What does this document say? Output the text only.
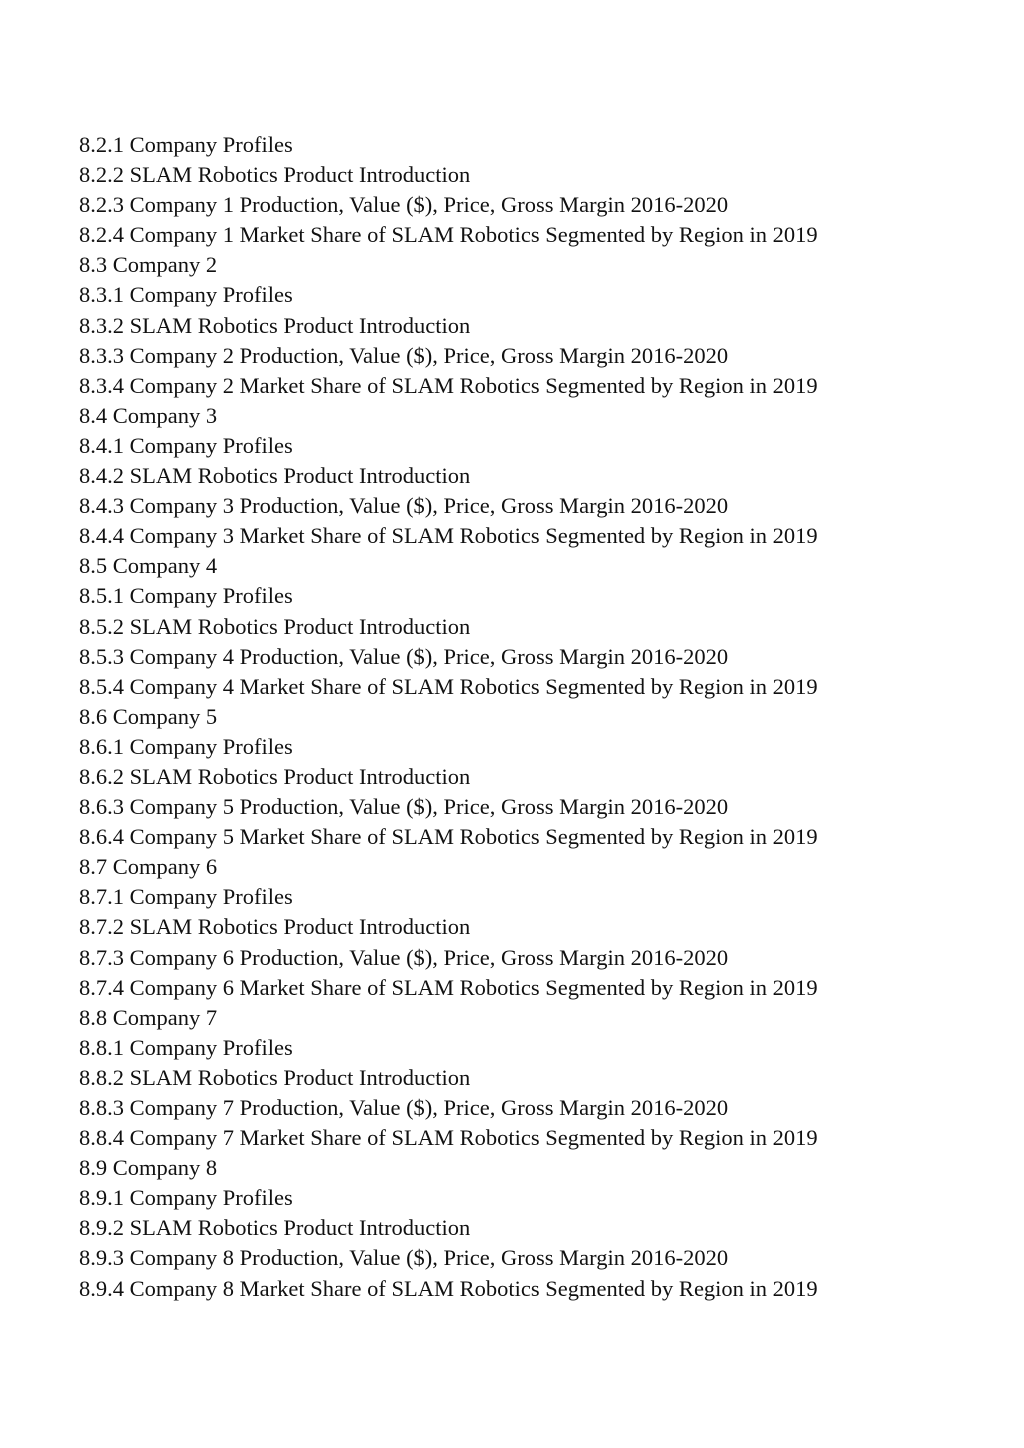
8.2.1 Company Profiles
8.2.2 SLAM Robotics Product Introduction
8.2.3 Company 1 Production, Value ($), Price, Gross Margin 2016-2020
8.2.4 Company 1 Market Share of SLAM Robotics Segmented by Region in 2019
8.3 Company 2
8.3.1 Company Profiles
8.3.2 SLAM Robotics Product Introduction
8.3.3 Company 2 Production, Value ($), Price, Gross Margin 2016-2020
8.3.4 Company 2 Market Share of SLAM Robotics Segmented by Region in 2019
8.4 Company 3
8.4.1 Company Profiles
8.4.2 SLAM Robotics Product Introduction
8.4.3 Company 3 Production, Value ($), Price, Gross Margin 2016-2020
8.4.4 Company 3 Market Share of SLAM Robotics Segmented by Region in 2019
8.5 Company 4
8.5.1 Company Profiles
8.5.2 SLAM Robotics Product Introduction
8.5.3 Company 4 Production, Value ($), Price, Gross Margin 2016-2020
8.5.4 Company 4 Market Share of SLAM Robotics Segmented by Region in 2019
8.6 Company 5
8.6.1 Company Profiles
8.6.2 SLAM Robotics Product Introduction
8.6.3 Company 5 Production, Value ($), Price, Gross Margin 2016-2020
8.6.4 Company 5 Market Share of SLAM Robotics Segmented by Region in 2019
8.7 Company 6
8.7.1 Company Profiles
8.7.2 SLAM Robotics Product Introduction
8.7.3 Company 6 Production, Value ($), Price, Gross Margin 2016-2020
8.7.4 Company 6 Market Share of SLAM Robotics Segmented by Region in 2019
8.8 Company 7
8.8.1 Company Profiles
8.8.2 SLAM Robotics Product Introduction
8.8.3 Company 7 Production, Value ($), Price, Gross Margin 2016-2020
8.8.4 Company 7 Market Share of SLAM Robotics Segmented by Region in 2019
8.9 Company 8
8.9.1 Company Profiles
8.9.2 SLAM Robotics Product Introduction
8.9.3 Company 8 Production, Value ($), Price, Gross Margin 2016-2020
8.9.4 Company 8 Market Share of SLAM Robotics Segmented by Region in 2019
